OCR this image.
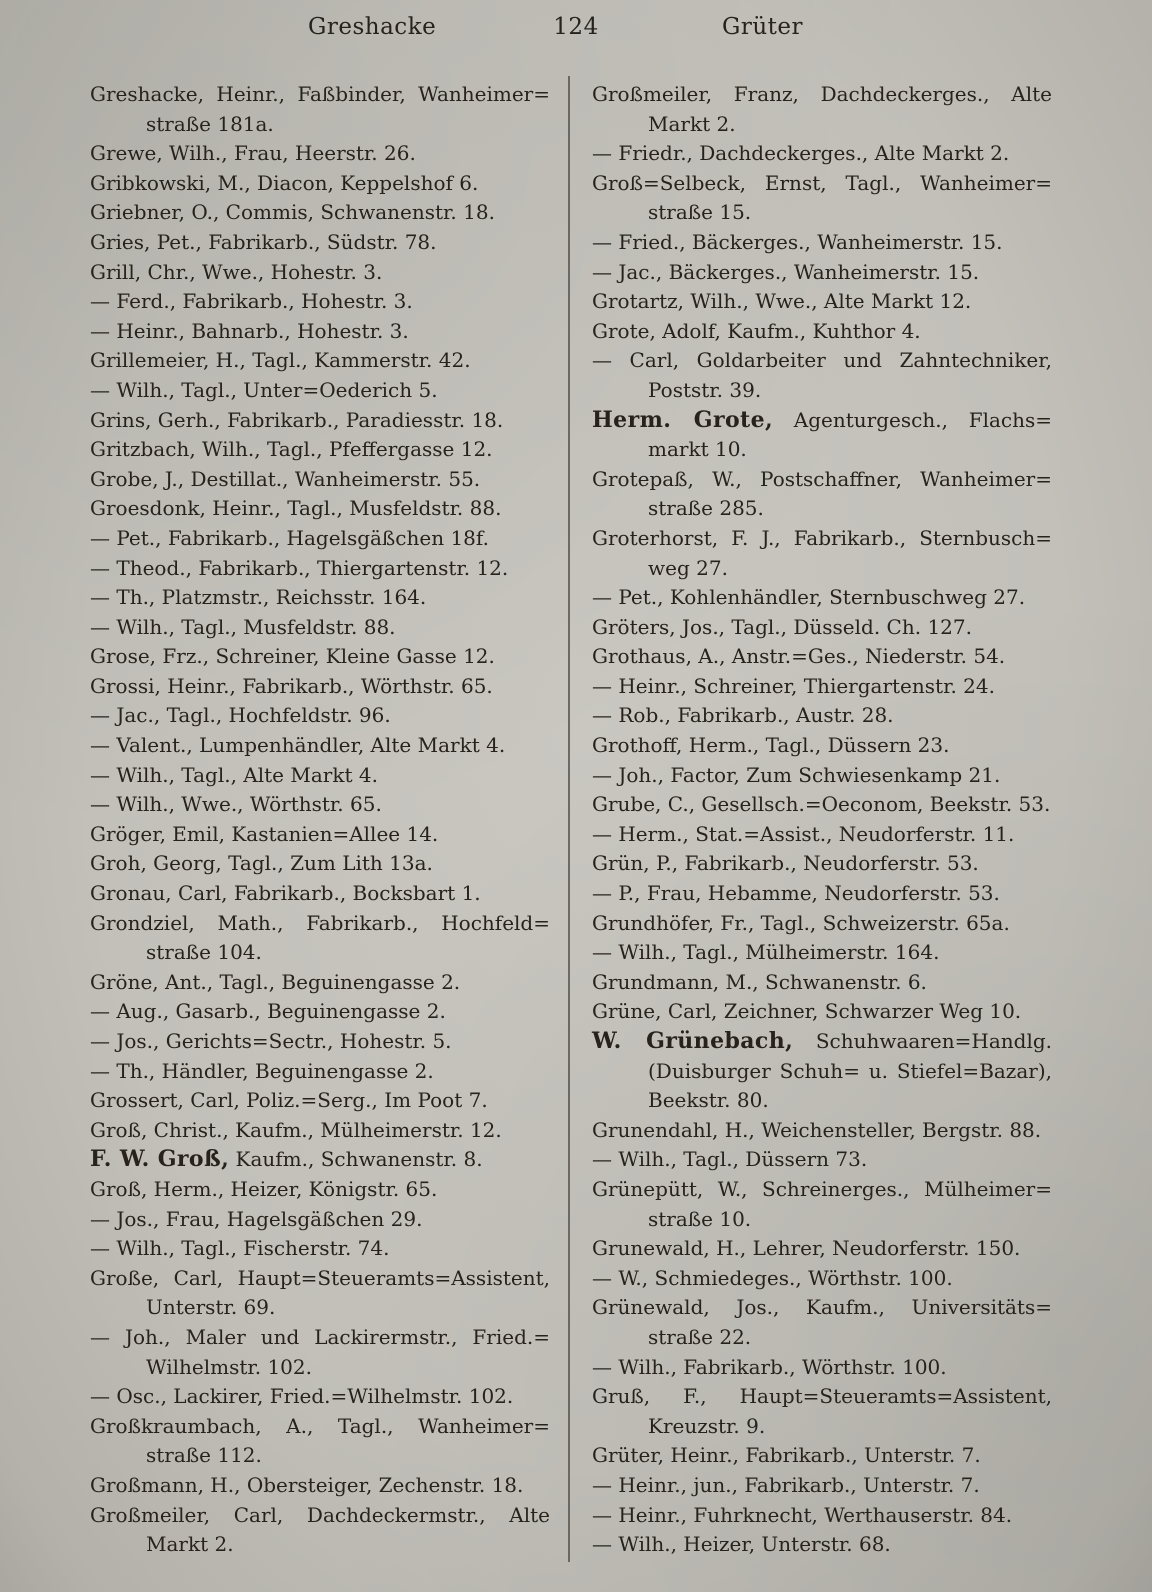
Greshacke	124	Grüter
Greshacke, Heinr., Faßbinder, Wanheimer=
straße 181a.
Grewe, Wilh., Frau, Heerstr. 26.
Gribkowski, M., Diacon, Keppelshof 6.
Griebner, O., Commis, Schwanenstr. 18.
Gries, Pet., Fabrikarb., Südstr. 78.
Grill, Chr., Wwe., Hohestr. 3.
— Ferd., Fabrikarb., Hohestr. 3.
— Heinr., Bahnarb., Hohestr. 3.
Grillemeier, H., Tagl., Kammerstr. 42.
— Wilh., Tagl., Unter=Oederich 5.
Grins, Gerh., Fabrikarb., Paradiesstr. 18.
Gritzbach, Wilh., Tagl., Pfeffergasse 12.
Grobe, J., Destillat., Wanheimerstr. 55.
Groesdonk, Heinr., Tagl., Musfeldstr. 88.
— Pet., Fabrikarb., Hagelsgäßchen 18f.
— Theod., Fabrikarb., Thiergartenstr. 12.
— Th., Platzmstr., Reichsstr. 164.
— Wilh., Tagl., Musfeldstr. 88.
Grose, Frz., Schreiner, Kleine Gasse 12.
Grossi, Heinr., Fabrikarb., Wörthstr. 65.
— Jac., Tagl., Hochfeldstr. 96.
— Valent., Lumpenhändler, Alte Markt 4.
— Wilh., Tagl., Alte Markt 4.
— Wilh., Wwe., Wörthstr. 65.
Gröger, Emil, Kastanien=Allee 14.
Groh, Georg, Tagl., Zum Lith 13a.
Gronau, Carl, Fabrikarb., Bocksbart 1.
Grondziel, Math., Fabrikarb., Hochfeld=
straße 104.
Gröne, Ant., Tagl., Beguinengasse 2.
— Aug., Gasarb., Beguinengasse 2.
— Jos., Gerichts=Sectr., Hohestr. 5.
— Th., Händler, Beguinengasse 2.
Grossert, Carl, Poliz.=Serg., Im Poot 7.
Groß, Christ., Kaufm., Mülheimerstr. 12.
F. W. Groß, Kaufm., Schwanenstr. 8.
Groß, Herm., Heizer, Königstr. 65.
— Jos., Frau, Hagelsgäßchen 29.
— Wilh., Tagl., Fischerstr. 74.
Große, Carl, Haupt=Steueramts=Assistent,
Unterstr. 69.
— Joh., Maler und Lackirermstr., Fried.=
Wilhelmstr. 102.
— Osc., Lackirer, Fried.=Wilhelmstr. 102.
Großkraumbach, A., Tagl., Wanheimer=
straße 112.
Großmann, H., Obersteiger, Zechenstr. 18.
Großmeiler, Carl, Dachdeckermstr., Alte
Markt 2.
Großmeiler, Franz, Dachdeckerges., Alte
Markt 2.
— Friedr., Dachdeckerges., Alte Markt 2.
Groß=Selbeck, Ernst, Tagl., Wanheimer=
straße 15.
— Fried., Bäckerges., Wanheimerstr. 15.
— Jac., Bäckerges., Wanheimerstr. 15.
Grotartz, Wilh., Wwe., Alte Markt 12.
Grote, Adolf, Kaufm., Kuhthor 4.
— Carl, Goldarbeiter und Zahntechniker,
Poststr. 39.
Herm. Grote, Agenturgesch., Flachs=
markt 10.
Grotepaß, W., Postschaffner, Wanheimer=
straße 285.
Groterhorst, F. J., Fabrikarb., Sternbusch=
weg 27.
— Pet., Kohlenhändler, Sternbuschweg 27.
Gröters, Jos., Tagl., Düsseld. Ch. 127.
Grothaus, A., Anstr.=Ges., Niederstr. 54.
— Heinr., Schreiner, Thiergartenstr. 24.
— Rob., Fabrikarb., Austr. 28.
Grothoff, Herm., Tagl., Düssern 23.
— Joh., Factor, Zum Schwiesenkamp 21.
Grube, C., Gesellsch.=Oeconom, Beekstr. 53.
— Herm., Stat.=Assist., Neudorferstr. 11.
Grün, P., Fabrikarb., Neudorferstr. 53.
— P., Frau, Hebamme, Neudorferstr. 53.
Grundhöfer, Fr., Tagl., Schweizerstr. 65a.
— Wilh., Tagl., Mülheimerstr. 164.
Grundmann, M., Schwanenstr. 6.
Grüne, Carl, Zeichner, Schwarzer Weg 10.
W. Grünebach, Schuhwaaren=Handlg.
(Duisburger Schuh= u. Stiefel=Bazar),
Beekstr. 80.
Grunendahl, H., Weichensteller, Bergstr. 88.
— Wilh., Tagl., Düssern 73.
Grünepütt, W., Schreinerges., Mülheimer=
straße 10.
Grunewald, H., Lehrer, Neudorferstr. 150.
— W., Schmiedeges., Wörthstr. 100.
Grünewald, Jos., Kaufm., Universitäts=
straße 22.
— Wilh., Fabrikarb., Wörthstr. 100.
Gruß, F., Haupt=Steueramts=Assistent,
Kreuzstr. 9.
Grüter, Heinr., Fabrikarb., Unterstr. 7.
— Heinr., jun., Fabrikarb., Unterstr. 7.
— Heinr., Fuhrknecht, Werthauserstr. 84.
— Wilh., Heizer, Unterstr. 68.
